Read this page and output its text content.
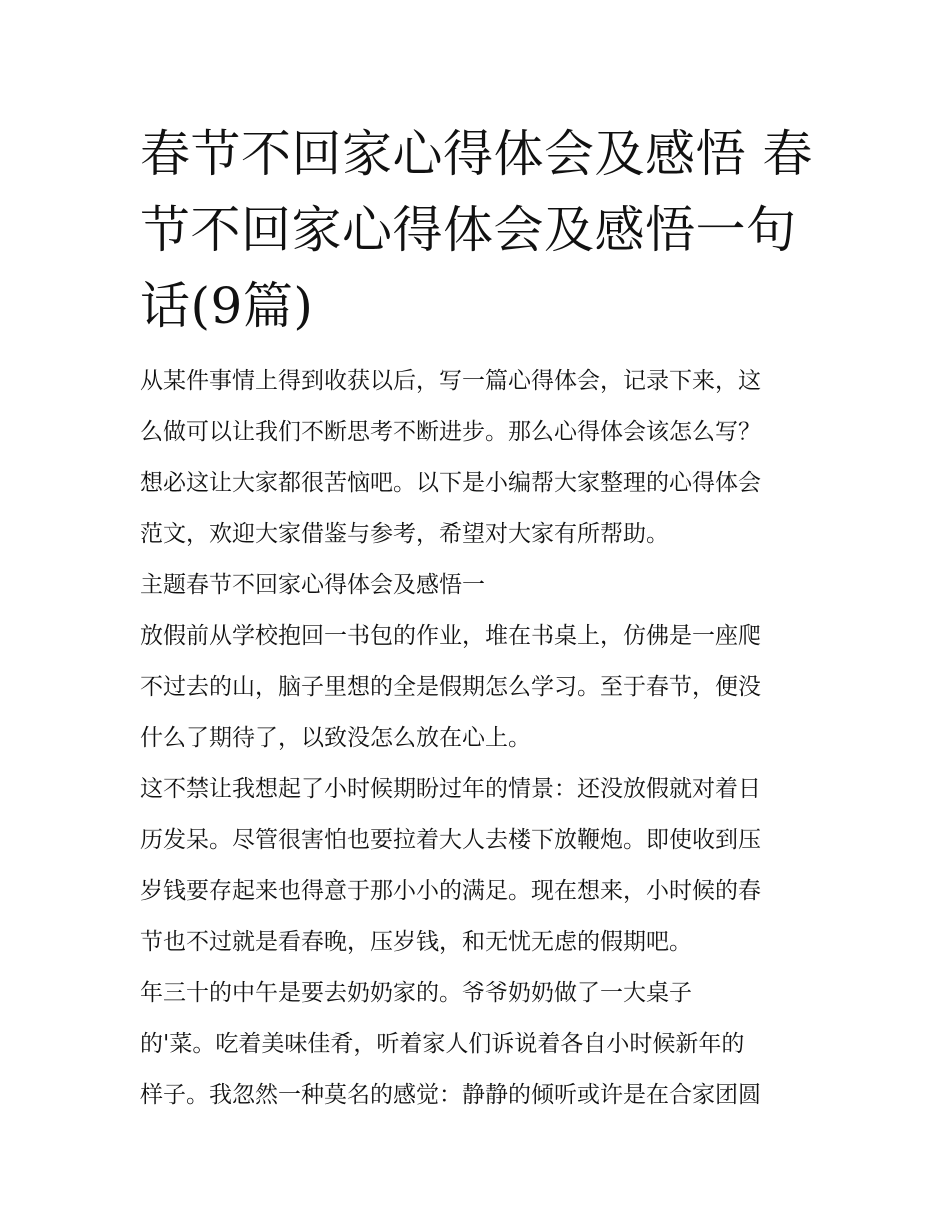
春节不回家心得体会及感悟 春节不回家心得体会及感悟一句话(9篇)

从某件事情上得到收获以后，写一篇心得体会，记录下来，这
么做可以让我们不断思考不断进步。那么心得体会该怎么写？
想必这让大家都很苦恼吧。以下是小编帮大家整理的心得体会
范文，欢迎大家借鉴与参考，希望对大家有所帮助。

主题春节不回家心得体会及感悟一

放假前从学校抱回一书包的作业，堆在书桌上，仿佛是一座爬
不过去的山，脑子里想的全是假期怎么学习。至于春节，便没
什么了期待了，以致没怎么放在心上。

这不禁让我想起了小时候期盼过年的情景：还没放假就对着日
历发呆。尽管很害怕也要拉着大人去楼下放鞭炮。即使收到压
岁钱要存起来也得意于那小小的满足。现在想来，小时候的春
节也不过就是看春晚，压岁钱，和无忧无虑的假期吧。

年三十的中午是要去奶奶家的。爷爷奶奶做了一大桌子
的'菜。吃着美味佳肴，听着家人们诉说着各自小时候新年的
样子。我忽然一种莫名的感觉：静静的倾听或许是在合家团圆
